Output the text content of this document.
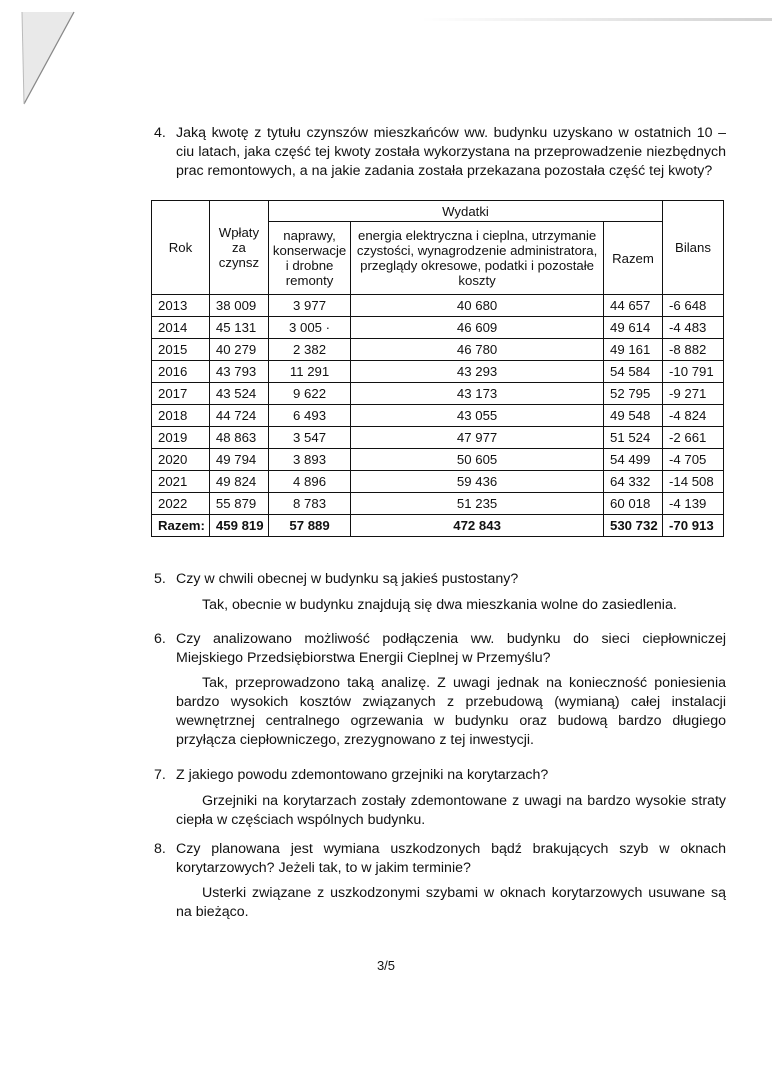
4. Jaką kwotę z tytułu czynszów mieszkańców ww. budynku uzyskano w ostatnich 10 – ciu latach, jaka część tej kwoty została wykorzystana na przeprowadzenie niezbędnych prac remontowych, a na jakie zadania została przekazana pozostała część tej kwoty?
Rok	Wpłaty za czynsz	Wydatki			Bilans
		naprawy, konserwacje i drobne remonty	energia elektryczna i cieplna, utrzymanie czystości, wynagrodzenie administratora, przeglądy okresowe, podatki i pozostałe koszty	Razem	
2013	38 009	3 977	40 680	44 657	-6 648
2014	45 131	3 005 ·	46 609	49 614	-4 483
2015	40 279	2 382	46 780	49 161	-8 882
2016	43 793	11 291	43 293	54 584	-10 791
2017	43 524	9 622	43 173	52 795	-9 271
2018	44 724	6 493	43 055	49 548	-4 824
2019	48 863	3 547	47 977	51 524	-2 661
2020	49 794	3 893	50 605	54 499	-4 705
2021	49 824	4 896	59 436	64 332	-14 508
2022	55 879	8 783	51 235	60 018	-4 139
Razem:	459 819	57 889	472 843	530 732	-70 913
5. Czy w chwili obecnej w budynku są jakieś pustostany?
Tak, obecnie w budynku znajdują się dwa mieszkania wolne do zasiedlenia.
6. Czy analizowano możliwość podłączenia ww. budynku do sieci ciepłowniczej Miejskiego Przedsiębiorstwa Energii Cieplnej w Przemyślu?
Tak, przeprowadzono taką analizę. Z uwagi jednak na konieczność poniesienia bardzo wysokich kosztów związanych z przebudową (wymianą) całej instalacji wewnętrznej centralnego ogrzewania w budynku oraz budową bardzo długiego przyłącza ciepłowniczego, zrezygnowano z tej inwestycji.
7. Z jakiego powodu zdemontowano grzejniki na korytarzach?
Grzejniki na korytarzach zostały zdemontowane z uwagi na bardzo wysokie straty ciepła w częściach wspólnych budynku.
8. Czy planowana jest wymiana uszkodzonych bądź brakujących szyb w oknach korytarzowych? Jeżeli tak, to w jakim terminie?
Usterki związane z uszkodzonymi szybami w oknach korytarzowych usuwane są na bieżąco.
3/5
